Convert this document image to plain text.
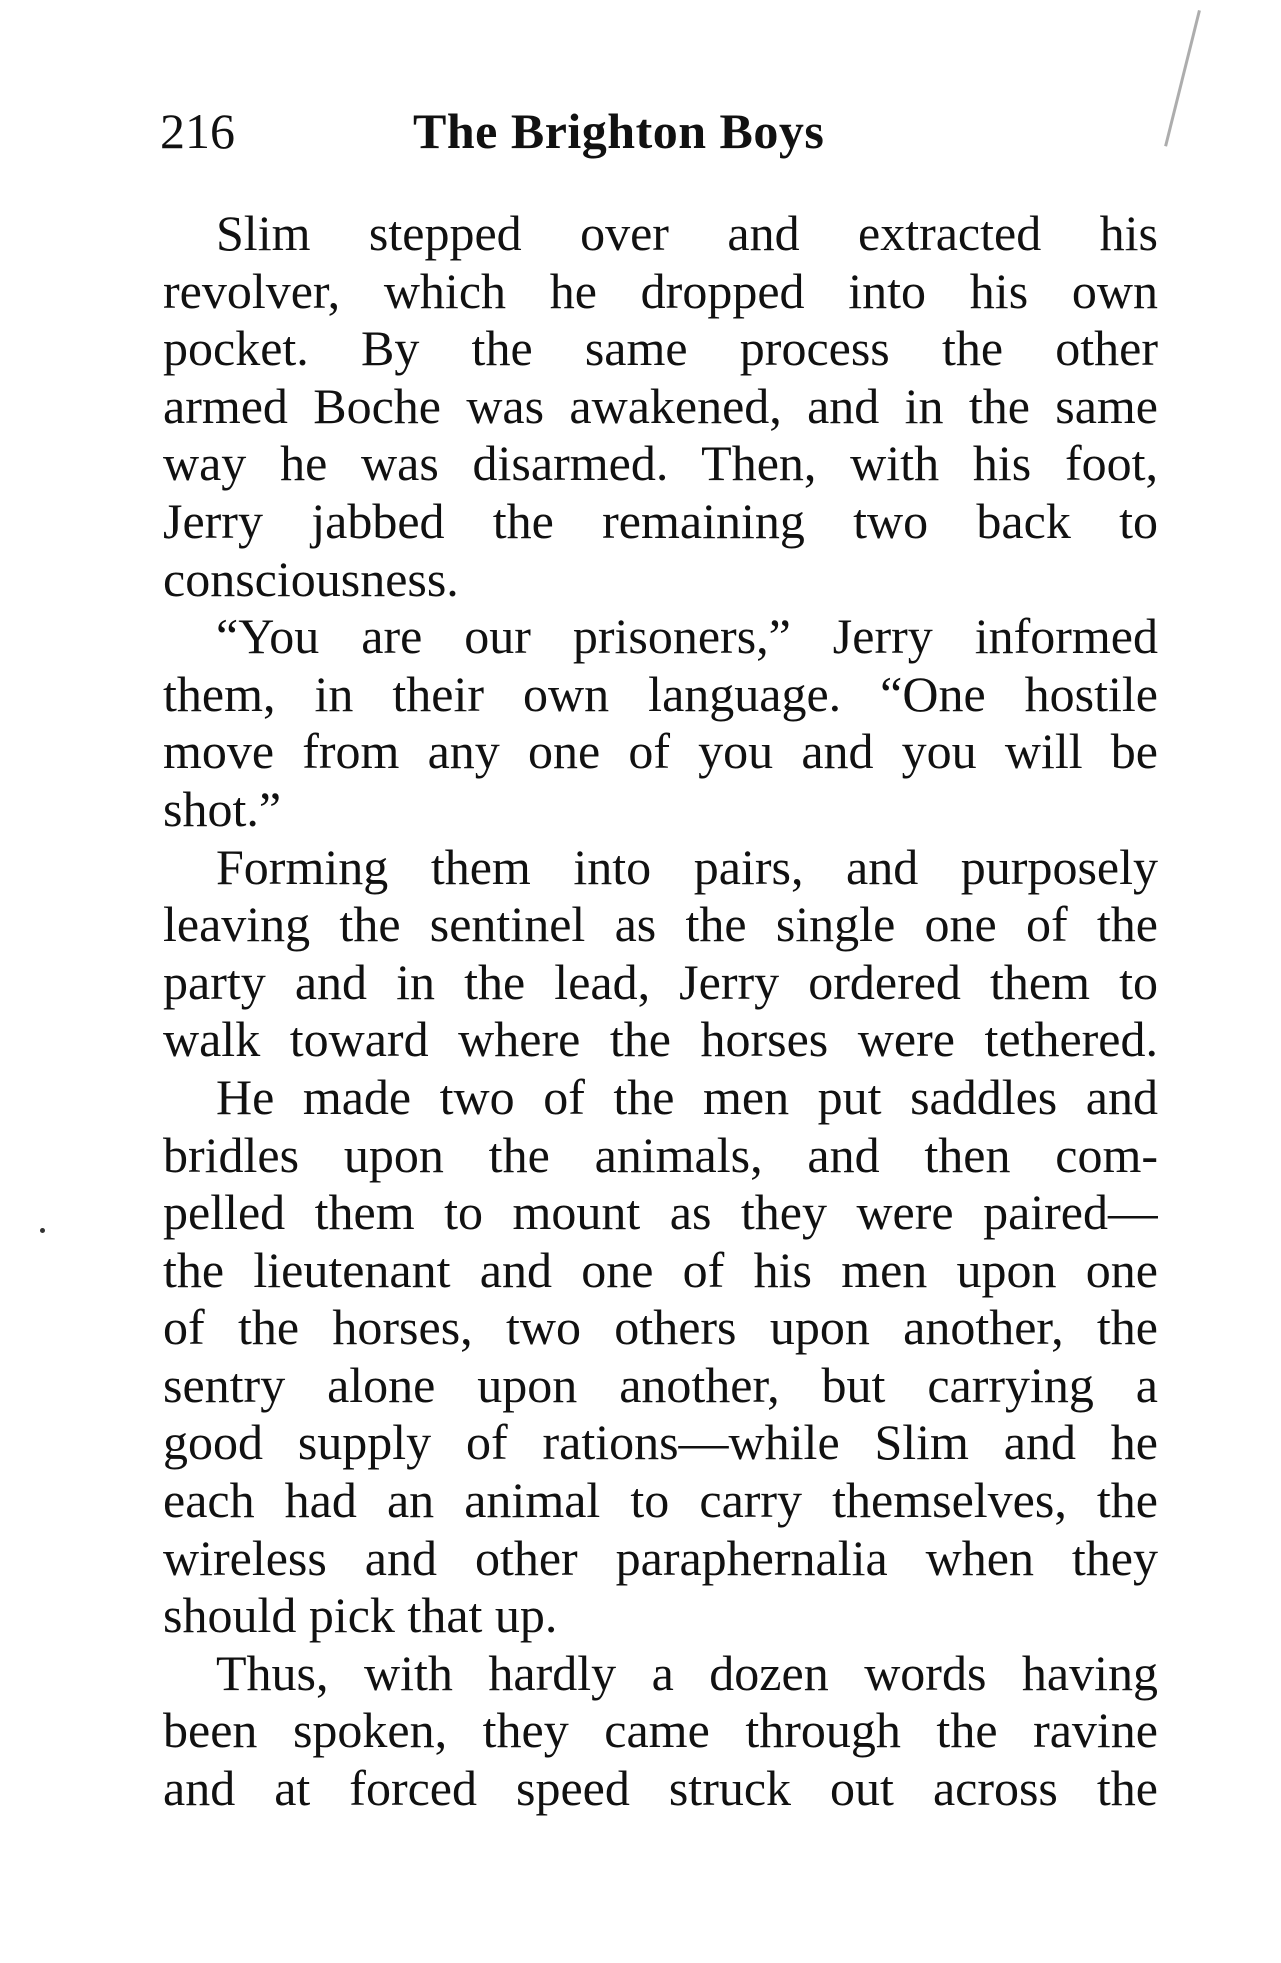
216	The Brighton Boys
Slim stepped over and extracted his
revolver, which he dropped into his own
pocket. By the same process the other
armed Boche was awakened, and in the same
way he was disarmed. Then, with his foot,
Jerry jabbed the remaining two back to
consciousness.
“You are our prisoners,” Jerry informed
them, in their own language. “One hostile
move from any one of you and you will be
shot.”
Forming them into pairs, and purposely
leaving the sentinel as the single one of the
party and in the lead, Jerry ordered them to
walk toward where the horses were tethered.
He made two of the men put saddles and
bridles upon the animals, and then com-
pelled them to mount as they were paired—
the lieutenant and one of his men upon one
of the horses, two others upon another, the
sentry alone upon another, but carrying a
good supply of rations—while Slim and he
each had an animal to carry themselves, the
wireless and other paraphernalia when they
should pick that up.
Thus, with hardly a dozen words having
been spoken, they came through the ravine
and at forced speed struck out across the
